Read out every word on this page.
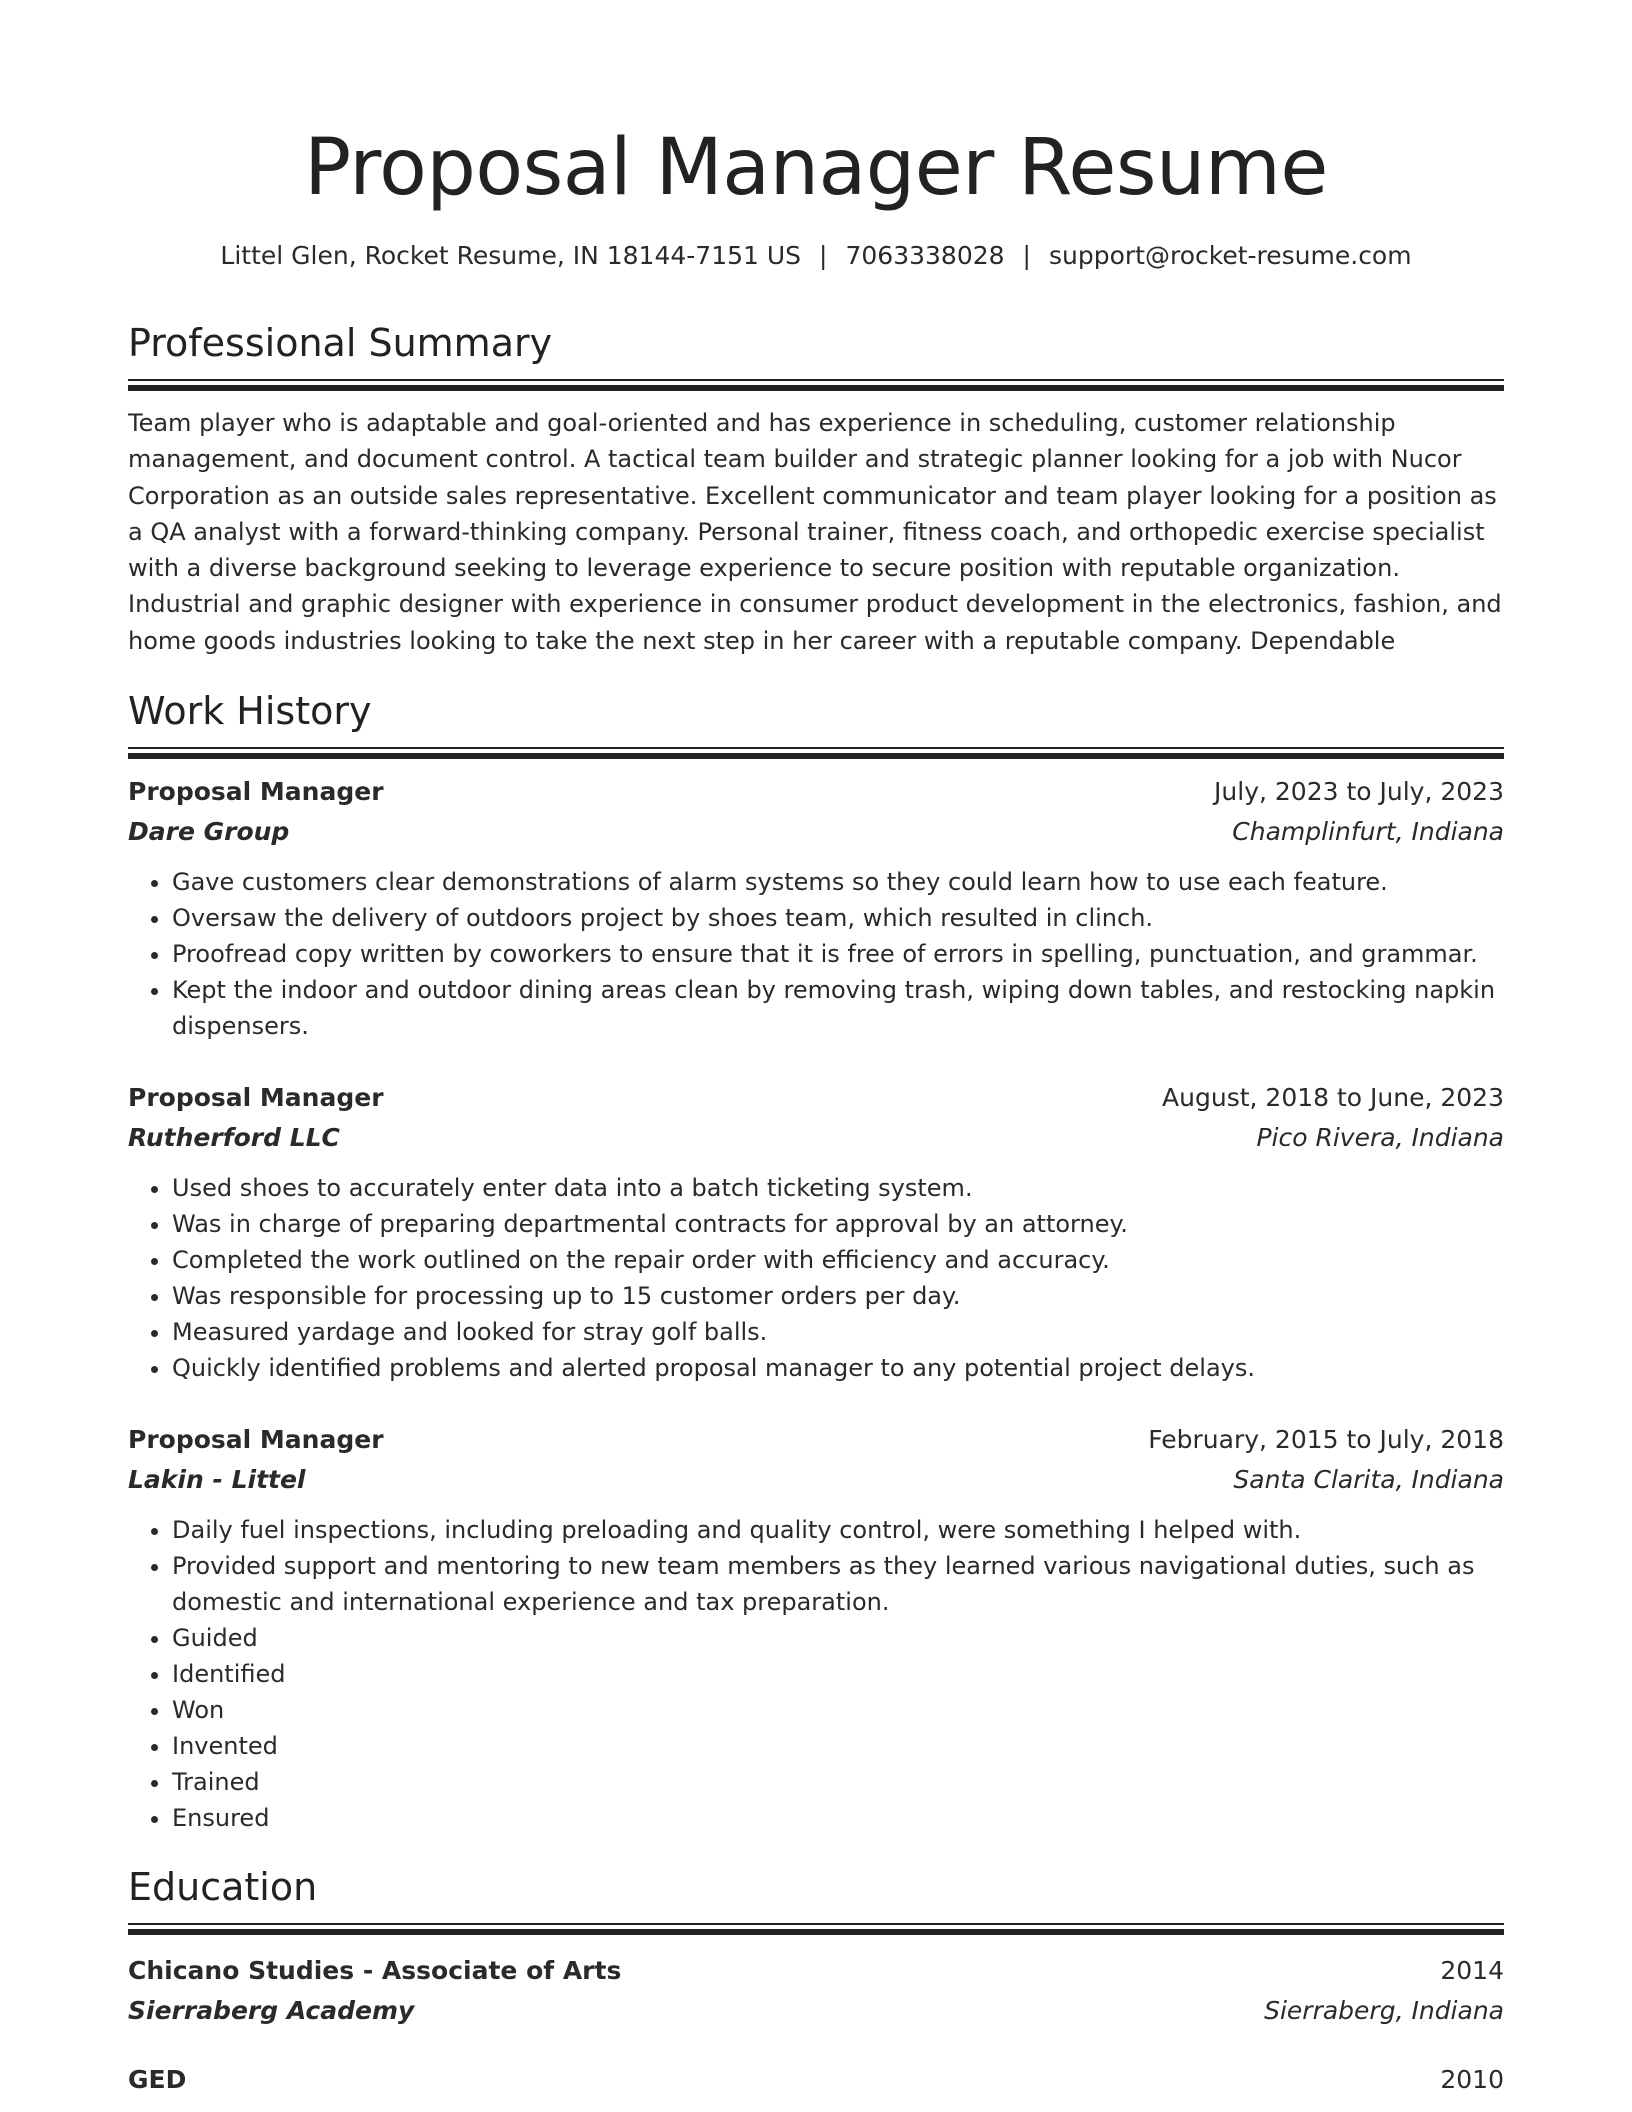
Proposal Manager Resume
Littel Glen, Rocket Resume, IN 18144-7151 US | 7063338028 | support@rocket-resume.com
Professional Summary
Team player who is adaptable and goal-oriented and has experience in scheduling, customer relationship management, and document control. A tactical team builder and strategic planner looking for a job with Nucor Corporation as an outside sales representative. Excellent communicator and team player looking for a position as a QA analyst with a forward-thinking company. Personal trainer, fitness coach, and orthopedic exercise specialist with a diverse background seeking to leverage experience to secure position with reputable organization. Industrial and graphic designer with experience in consumer product development in the electronics, fashion, and home goods industries looking to take the next step in her career with a reputable company. Dependable
Work History
Proposal Manager	July, 2023 to July, 2023
Dare Group	Champlinfurt, Indiana
• Gave customers clear demonstrations of alarm systems so they could learn how to use each feature.
• Oversaw the delivery of outdoors project by shoes team, which resulted in clinch.
• Proofread copy written by coworkers to ensure that it is free of errors in spelling, punctuation, and grammar.
• Kept the indoor and outdoor dining areas clean by removing trash, wiping down tables, and restocking napkin dispensers.
Proposal Manager	August, 2018 to June, 2023
Rutherford LLC	Pico Rivera, Indiana
• Used shoes to accurately enter data into a batch ticketing system.
• Was in charge of preparing departmental contracts for approval by an attorney.
• Completed the work outlined on the repair order with efficiency and accuracy.
• Was responsible for processing up to 15 customer orders per day.
• Measured yardage and looked for stray golf balls.
• Quickly identified problems and alerted proposal manager to any potential project delays.
Proposal Manager	February, 2015 to July, 2018
Lakin - Littel	Santa Clarita, Indiana
• Daily fuel inspections, including preloading and quality control, were something I helped with.
• Provided support and mentoring to new team members as they learned various navigational duties, such as domestic and international experience and tax preparation.
• Guided
• Identified
• Won
• Invented
• Trained
• Ensured
Education
Chicano Studies - Associate of Arts	2014
Sierraberg Academy	Sierraberg, Indiana
GED	2010
